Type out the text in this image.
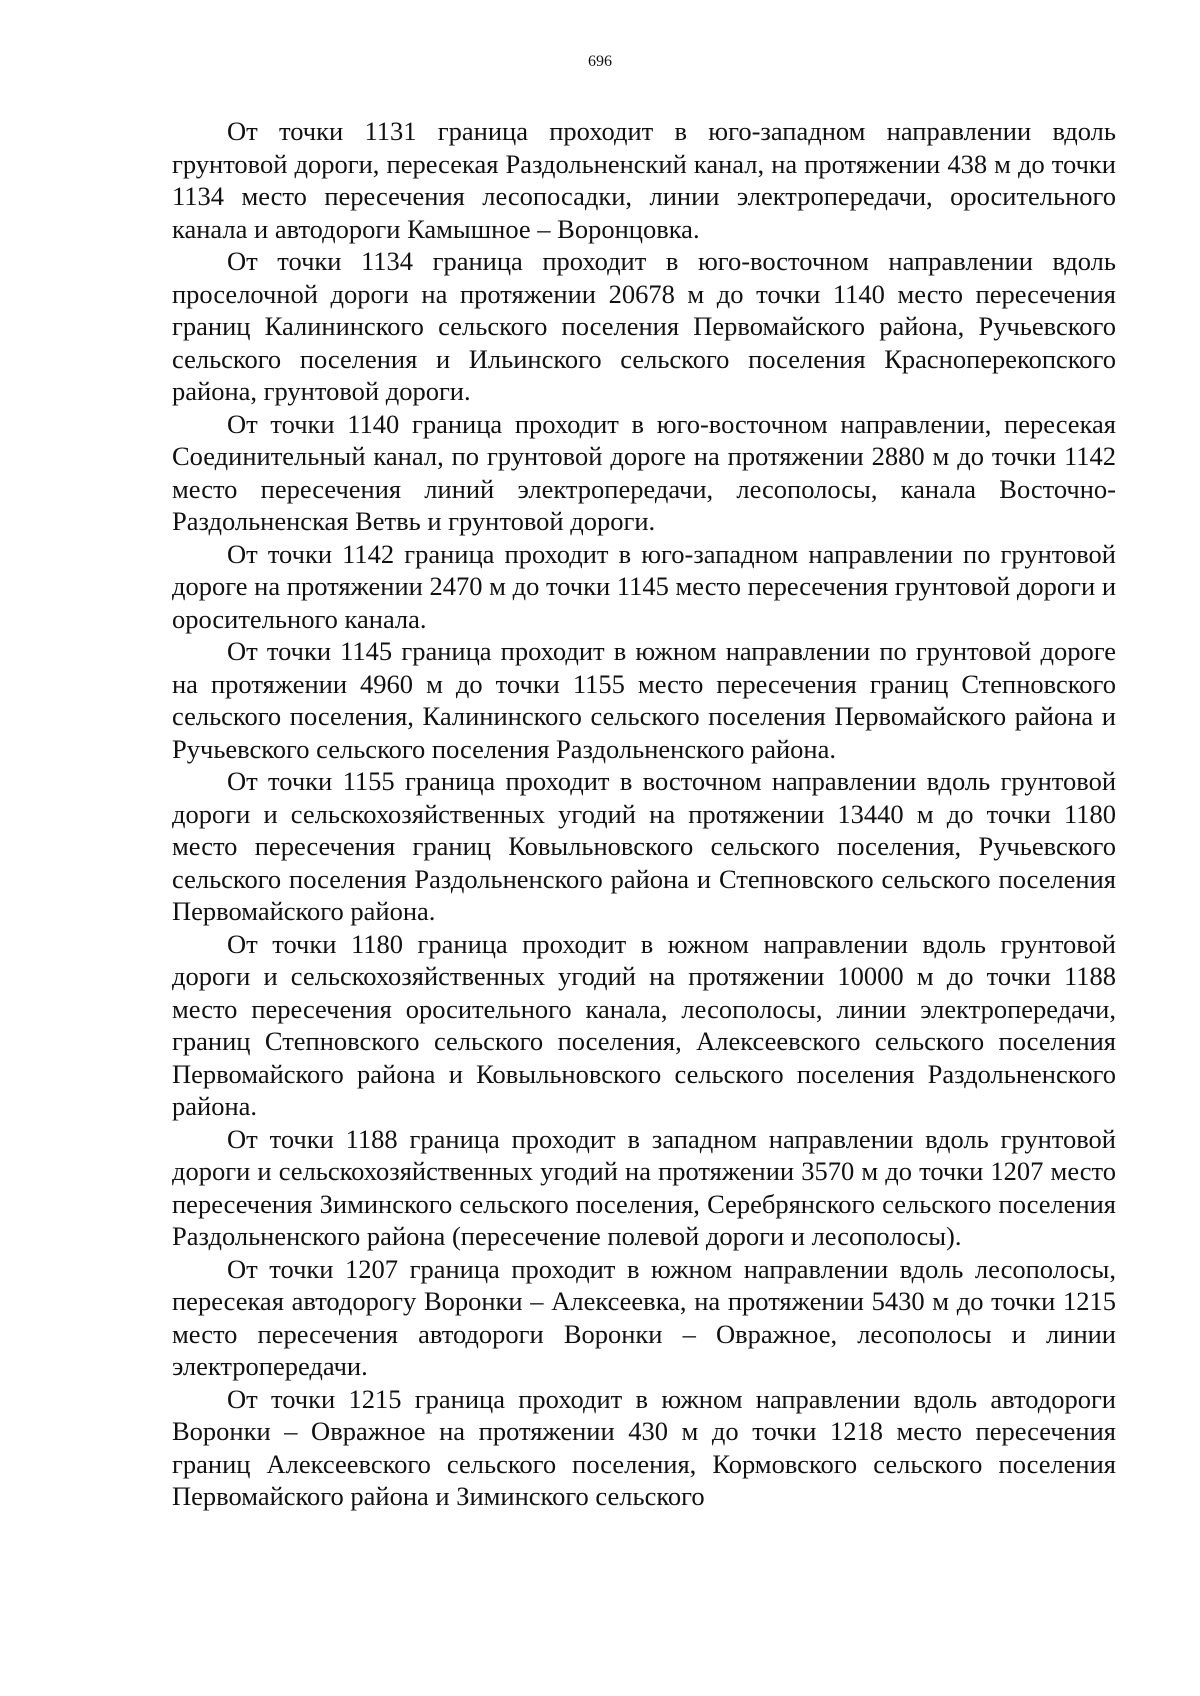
696

От точки 1131 граница проходит в юго-западном направлении вдоль грунтовой дороги, пересекая Раздольненский канал, на протяжении 438 м до точки 1134 место пересечения лесопосадки, линии электропередачи, оросительного канала и автодороги Камышное – Воронцовка.

От точки 1134 граница проходит в юго-восточном направлении вдоль проселочной дороги на протяжении 20678 м до точки 1140 место пересечения границ Калининского сельского поселения Первомайского района, Ручьевского сельского поселения и Ильинского сельского поселения Красноперекопского района, грунтовой дороги.

От точки 1140 граница проходит в юго-восточном направлении, пересекая Соединительный канал, по грунтовой дороге на протяжении 2880 м до точки 1142 место пересечения линий электропередачи, лесополосы, канала Восточно-Раздольненская Ветвь и грунтовой дороги.

От точки 1142 граница проходит в юго-западном направлении по грунтовой дороге на протяжении 2470 м до точки 1145 место пересечения грунтовой дороги и оросительного канала.

От точки 1145 граница проходит в южном направлении по грунтовой дороге на протяжении 4960 м до точки 1155 место пересечения границ Степновского сельского поселения, Калининского сельского поселения Первомайского района и Ручьевского сельского поселения Раздольненского района.

От точки 1155 граница проходит в восточном направлении вдоль грунтовой дороги и сельскохозяйственных угодий на протяжении 13440 м до точки 1180 место пересечения границ Ковыльновского сельского поселения, Ручьевского сельского поселения Раздольненского района и Степновского сельского поселения Первомайского района.

От точки 1180 граница проходит в южном направлении вдоль грунтовой дороги и сельскохозяйственных угодий на протяжении 10000 м до точки 1188 место пересечения оросительного канала, лесополосы, линии электропередачи, границ Степновского сельского поселения, Алексеевского сельского поселения Первомайского района и Ковыльновского сельского поселения Раздольненского района.

От точки 1188 граница проходит в западном направлении вдоль грунтовой дороги и сельскохозяйственных угодий на протяжении 3570 м до точки 1207 место пересечения Зиминского сельского поселения, Серебрянского сельского поселения Раздольненского района (пересечение полевой дороги и лесополосы).

От точки 1207 граница проходит в южном направлении вдоль лесополосы, пересекая автодорогу Воронки – Алексеевка, на протяжении 5430 м до точки 1215 место пересечения автодороги Воронки – Овражное, лесополосы и линии электропередачи.

От точки 1215 граница проходит в южном направлении вдоль автодороги Воронки – Овражное на протяжении 430 м до точки 1218 место пересечения границ Алексеевского сельского поселения, Кормовского сельского поселения Первомайского района и Зиминского сельского
